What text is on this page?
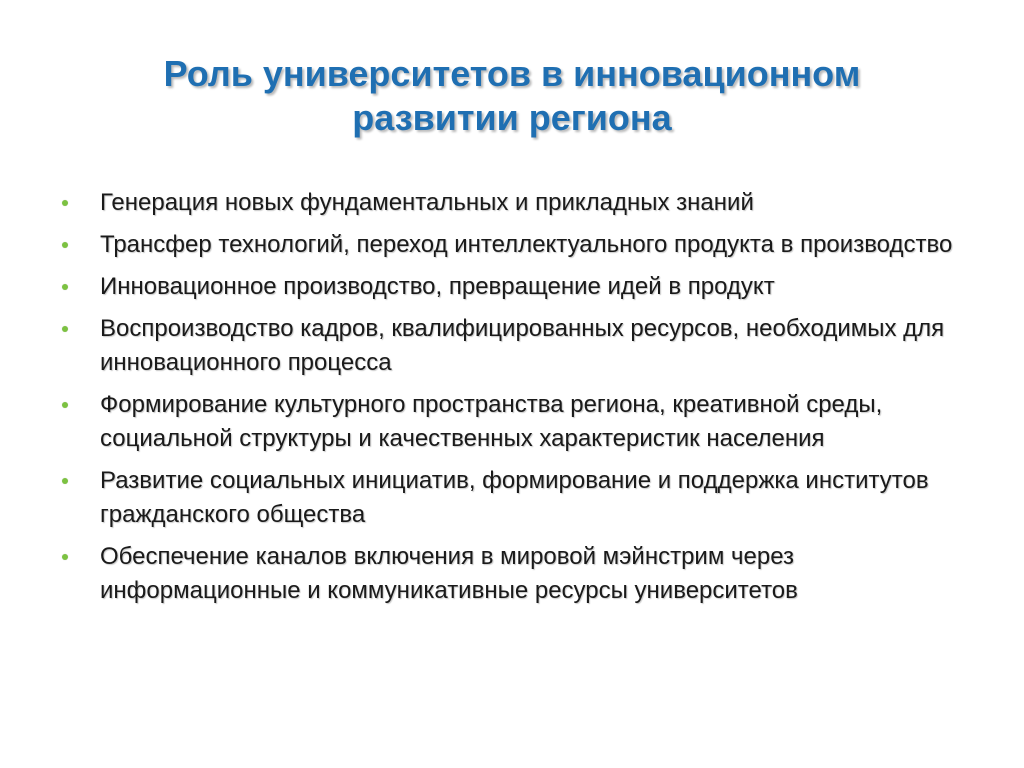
Роль университетов в инновационном
развитии региона
Генерация новых фундаментальных и прикладных знаний
Трансфер технологий, переход интеллектуального продукта в производство
Инновационное производство, превращение идей в продукт
Воспроизводство кадров, квалифицированных ресурсов, необходимых для инновационного процесса
Формирование культурного пространства региона, креативной среды, социальной структуры и качественных характеристик населения
Развитие социальных инициатив, формирование и поддержка институтов гражданского общества
Обеспечение каналов включения в мировой мэйнстрим через информационные и коммуникативные ресурсы университетов
